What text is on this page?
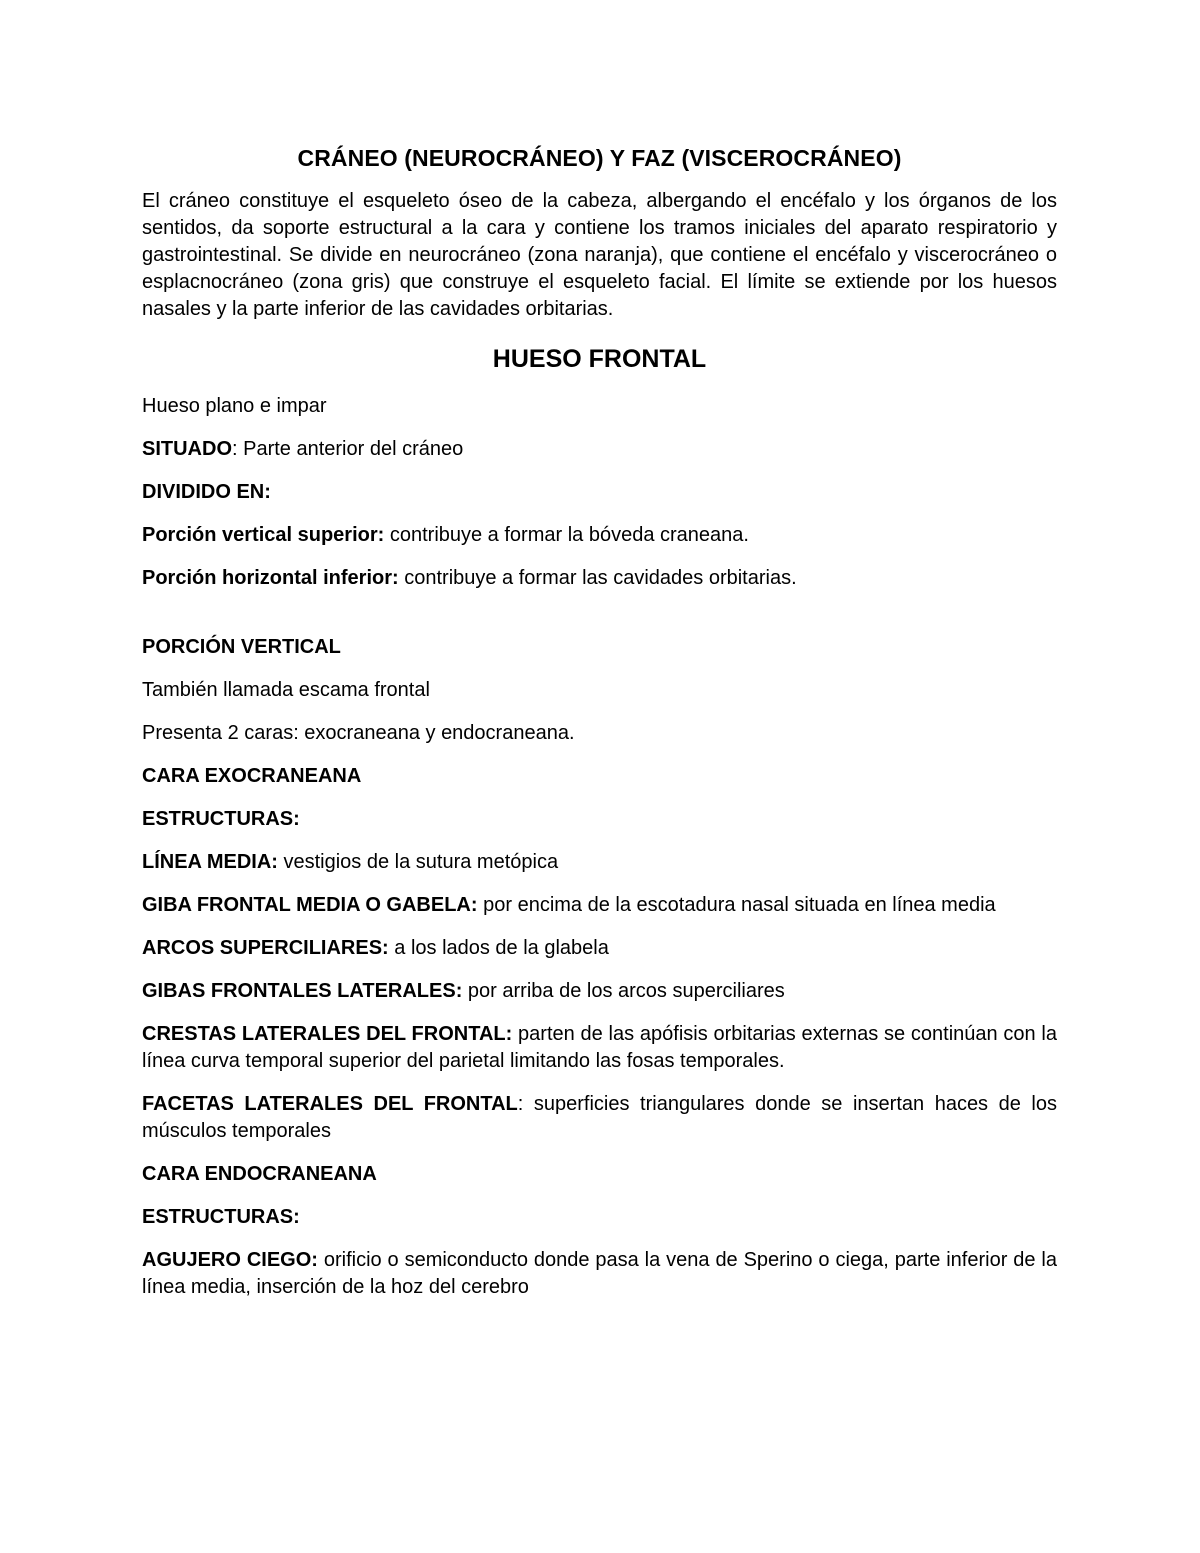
CRÁNEO (NEUROCRÁNEO) Y FAZ (VISCEROCRÁNEO)

El cráneo constituye el esqueleto óseo de la cabeza, albergando el encéfalo y los órganos de los sentidos, da soporte estructural a la cara y contiene los tramos iniciales del aparato respiratorio y gastrointestinal. Se divide en neurocráneo (zona naranja), que contiene el encéfalo y viscerocráneo o esplacnocráneo (zona gris) que construye el esqueleto facial. El límite se extiende por los huesos nasales y la parte inferior de las cavidades orbitarias.

HUESO FRONTAL

Hueso plano e impar

SITUADO: Parte anterior del cráneo

DIVIDIDO EN:

Porción vertical superior: contribuye a formar la bóveda craneana.

Porción horizontal inferior: contribuye a formar las cavidades orbitarias.

PORCIÓN VERTICAL

También llamada escama frontal

Presenta 2 caras: exocraneana y endocraneana.

CARA EXOCRANEANA

ESTRUCTURAS:

LÍNEA MEDIA: vestigios de la sutura metópica

GIBA FRONTAL MEDIA O GABELA: por encima de la escotadura nasal situada en línea media

ARCOS SUPERCILIARES: a los lados de la glabela

GIBAS FRONTALES LATERALES: por arriba de los arcos superciliares

CRESTAS LATERALES DEL FRONTAL: parten de las apófisis orbitarias externas se continúan con la línea curva temporal superior del parietal limitando las fosas temporales.

FACETAS LATERALES DEL FRONTAL: superficies triangulares donde se insertan haces de los músculos temporales

CARA ENDOCRANEANA

ESTRUCTURAS:

AGUJERO CIEGO: orificio o semiconducto donde pasa la vena de Sperino o ciega, parte inferior de la línea media, inserción de la hoz del cerebro
